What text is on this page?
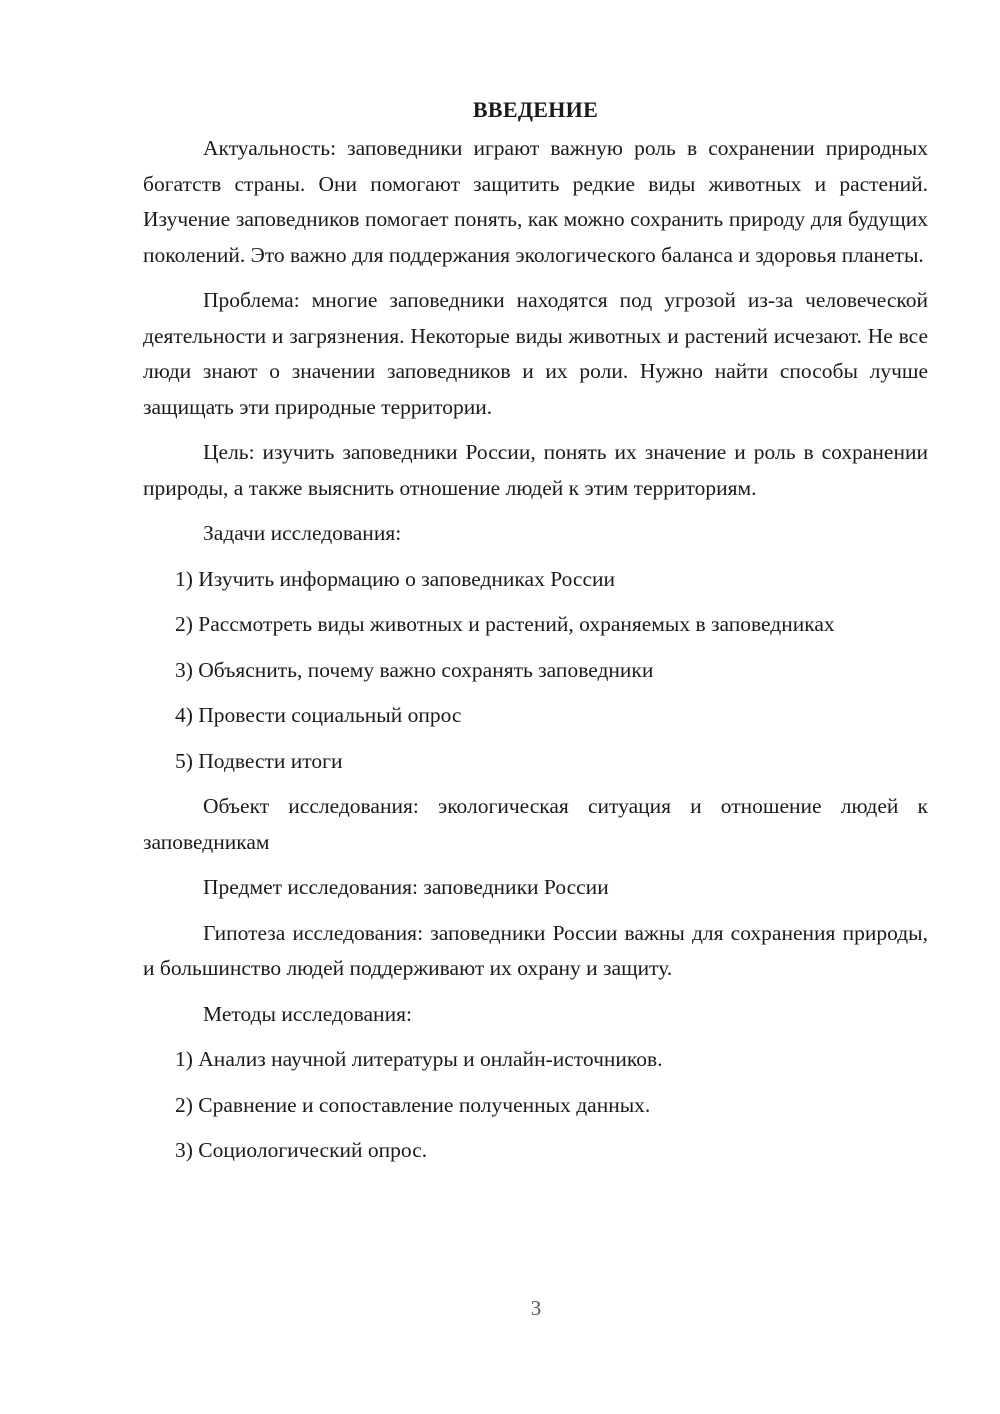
ВВЕДЕНИЕ

Актуальность: заповедники играют важную роль в сохранении природных богатств страны. Они помогают защитить редкие виды животных и растений. Изучение заповедников помогает понять, как можно сохранить природу для будущих поколений. Это важно для поддержания экологического баланса и здоровья планеты.

Проблема: многие заповедники находятся под угрозой из-за человеческой деятельности и загрязнения. Некоторые виды животных и растений исчезают. Не все люди знают о значении заповедников и их роли. Нужно найти способы лучше защищать эти природные территории.

Цель: изучить заповедники России, понять их значение и роль в сохранении природы, а также выяснить отношение людей к этим территориям.

Задачи исследования:

1) Изучить информацию о заповедниках России

2) Рассмотреть виды животных и растений, охраняемых в заповедниках

3) Объяснить, почему важно сохранять заповедники

4) Провести социальный опрос

5) Подвести итоги

Объект исследования: экологическая ситуация и отношение людей к заповедникам

Предмет исследования: заповедники России

Гипотеза исследования: заповедники России важны для сохранения природы, и большинство людей поддерживают их охрану и защиту.

Методы исследования:

1) Анализ научной литературы и онлайн-источников.

2) Сравнение и сопоставление полученных данных.

3) Социологический опрос.

3
